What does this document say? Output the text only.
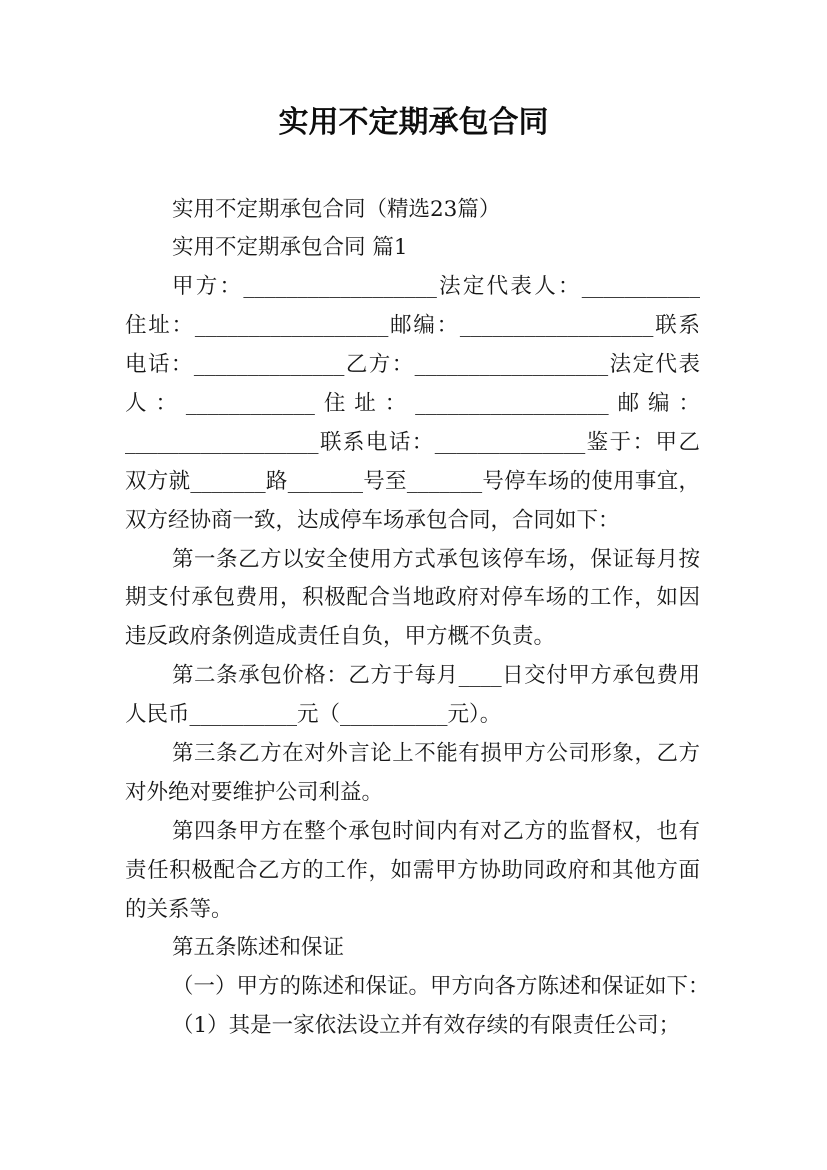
实用不定期承包合同
实用不定期承包合同（精选23篇）
实用不定期承包合同 篇1
甲方：__________________法定代表人：___________
住址：__________________邮编：__________________联系
电话：______________乙方：__________________法定代表
人：____________住址：__________________邮编：
__________________联系电话：______________鉴于：甲乙
双方就_______路_______号至_______号停车场的使用事宜，
双方经协商一致，达成停车场承包合同，合同如下：
第一条乙方以安全使用方式承包该停车场，保证每月按
期支付承包费用，积极配合当地政府对停车场的工作，如因
违反政府条例造成责任自负，甲方概不负责。
第二条承包价格：乙方于每月____日交付甲方承包费用
人民币__________元（__________元）。
第三条乙方在对外言论上不能有损甲方公司形象，乙方
对外绝对要维护公司利益。
第四条甲方在整个承包时间内有对乙方的监督权，也有
责任积极配合乙方的工作，如需甲方协助同政府和其他方面
的关系等。
第五条陈述和保证
（一）甲方的陈述和保证。甲方向各方陈述和保证如下：
（1）其是一家依法设立并有效存续的有限责任公司；
